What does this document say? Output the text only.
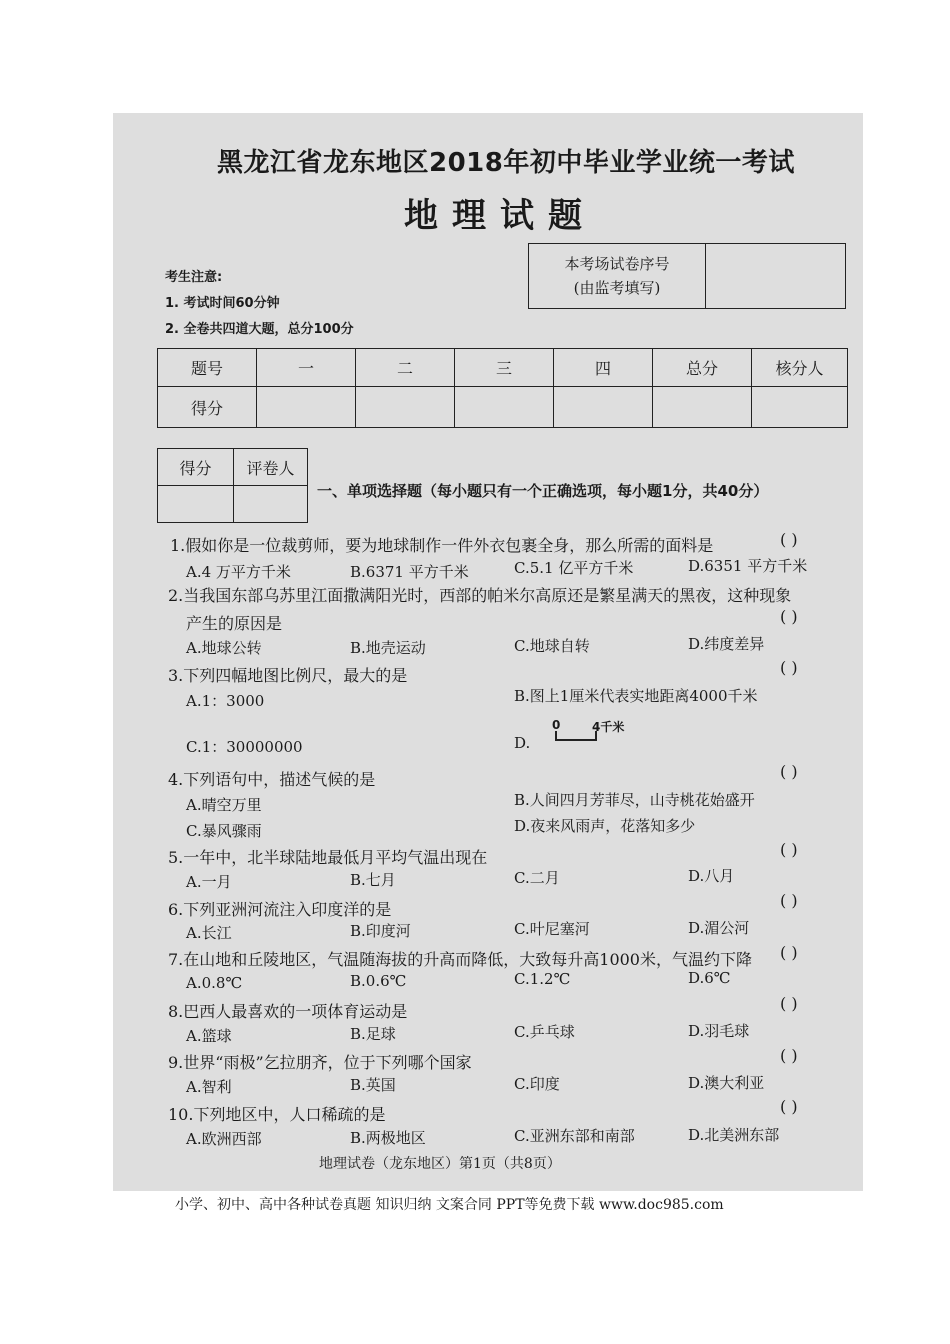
黑龙江省龙东地区2018年初中毕业学业统一考试
地理试题
本考场试卷序号
(由监考填写)

考生注意:
1. 考试时间60分钟
2. 全卷共四道大题，总分100分
题号	一	二	三	四	总分	核分人
得分						
得分	评卷人

一、单项选择题（每小题只有一个正确选项，每小题1分，共40分）
1.假如你是一位裁剪师，要为地球制作一件外衣包裹全身，那么所需的面料是	( )
A.4 万平方千米	B.6371 平方千米	C.5.1 亿平方千米	D.6351 平方千米
2.当我国东部乌苏里江面撒满阳光时，西部的帕米尔高原还是繁星满天的黑夜，这种现象
产生的原因是	( )
A.地球公转	B.地壳运动	C.地球自转	D.纬度差异
3.下列四幅地图比例尺，最大的是	( )
A.1：3000	B.图上1厘米代表实地距离4000千米
C.1：30000000	D.
0	4千米
4.下列语句中，描述气候的是	( )
A.晴空万里	B.人间四月芳菲尽，山寺桃花始盛开
C.暴风骤雨	D.夜来风雨声，花落知多少
5.一年中，北半球陆地最低月平均气温出现在	( )
A.一月	B.七月	C.二月	D.八月
6.下列亚洲河流注入印度洋的是	( )
A.长江	B.印度河	C.叶尼塞河	D.湄公河
7.在山地和丘陵地区，气温随海拔的升高而降低，大致每升高1000米，气温约下降 ( )
A.0.8℃	B.0.6℃	C.1.2℃	D.6℃
8.巴西人最喜欢的一项体育运动是	( )
A.篮球	B.足球	C.乒乓球	D.羽毛球
9.世界“雨极”乞拉朋齐，位于下列哪个国家	( )
A.智利	B.英国	C.印度	D.澳大利亚
10.下列地区中，人口稀疏的是	( )
A.欧洲西部	B.两极地区	C.亚洲东部和南部	D.北美洲东部
地理试卷（龙东地区）第1页（共8页）
小学、初中、高中各种试卷真题 知识归纳 文案合同 PPT等免费下载 www.doc985.com
